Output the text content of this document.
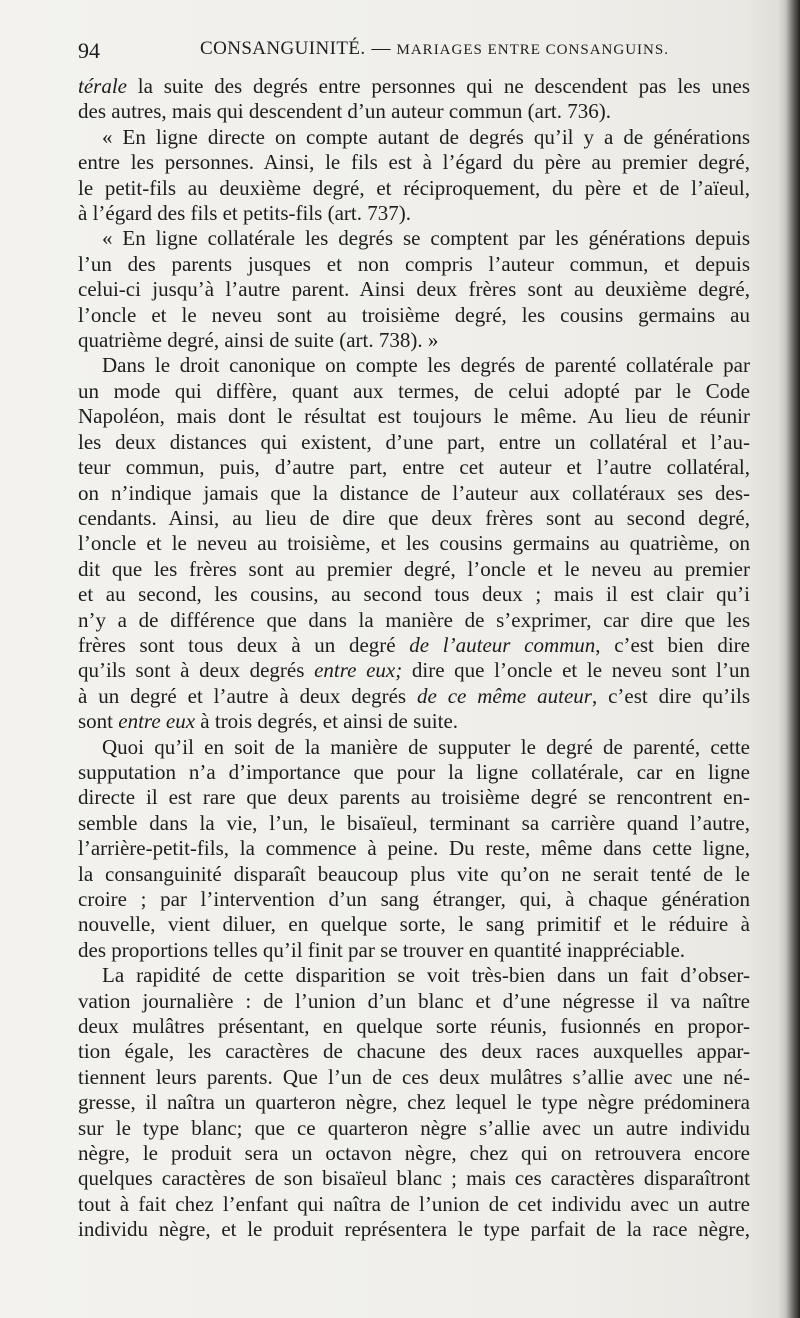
94	CONSANGUINITÉ. — MARIAGES ENTRE CONSANGUINS.
térale la suite des degrés entre personnes qui ne descendent pas les unes
des autres, mais qui descendent d’un auteur commun (art. 736).
« En ligne directe on compte autant de degrés qu’il y a de générations
entre les personnes. Ainsi, le fils est à l’égard du père au premier degré,
le petit-fils au deuxième degré, et réciproquement, du père et de l’aïeul,
à l’égard des fils et petits-fils (art. 737).
« En ligne collatérale les degrés se comptent par les générations depuis
l’un des parents jusques et non compris l’auteur commun, et depuis
celui-ci jusqu’à l’autre parent. Ainsi deux frères sont au deuxième degré,
l’oncle et le neveu sont au troisième degré, les cousins germains au
quatrième degré, ainsi de suite (art. 738). »
Dans le droit canonique on compte les degrés de parenté collatérale par
un mode qui diffère, quant aux termes, de celui adopté par le Code
Napoléon, mais dont le résultat est toujours le même. Au lieu de réunir
les deux distances qui existent, d’une part, entre un collatéral et l’au-
teur commun, puis, d’autre part, entre cet auteur et l’autre collatéral,
on n’indique jamais que la distance de l’auteur aux collatéraux ses des-
cendants. Ainsi, au lieu de dire que deux frères sont au second degré,
l’oncle et le neveu au troisième, et les cousins germains au quatrième, on
dit que les frères sont au premier degré, l’oncle et le neveu au premier
et au second, les cousins, au second tous deux ; mais il est clair qu’i
n’y a de différence que dans la manière de s’exprimer, car dire que les
frères sont tous deux à un degré de l’auteur commun, c’est bien dire
qu’ils sont à deux degrés entre eux; dire que l’oncle et le neveu sont l’un
à un degré et l’autre à deux degrés de ce même auteur, c’est dire qu’ils
sont entre eux à trois degrés, et ainsi de suite.
Quoi qu’il en soit de la manière de supputer le degré de parenté, cette
supputation n’a d’importance que pour la ligne collatérale, car en ligne
directe il est rare que deux parents au troisième degré se rencontrent en-
semble dans la vie, l’un, le bisaïeul, terminant sa carrière quand l’autre,
l’arrière-petit-fils, la commence à peine. Du reste, même dans cette ligne,
la consanguinité disparaît beaucoup plus vite qu’on ne serait tenté de le
croire ; par l’intervention d’un sang étranger, qui, à chaque génération
nouvelle, vient diluer, en quelque sorte, le sang primitif et le réduire à
des proportions telles qu’il finit par se trouver en quantité inappréciable.
La rapidité de cette disparition se voit très-bien dans un fait d’obser-
vation journalière : de l’union d’un blanc et d’une négresse il va naître
deux mulâtres présentant, en quelque sorte réunis, fusionnés en propor-
tion égale, les caractères de chacune des deux races auxquelles appar-
tiennent leurs parents. Que l’un de ces deux mulâtres s’allie avec une né-
gresse, il naîtra un quarteron nègre, chez lequel le type nègre prédominera
sur le type blanc; que ce quarteron nègre s’allie avec un autre individu
nègre, le produit sera un octavon nègre, chez qui on retrouvera encore
quelques caractères de son bisaïeul blanc ; mais ces caractères disparaîtront
tout à fait chez l’enfant qui naîtra de l’union de cet individu avec un autre
individu nègre, et le produit représentera le type parfait de la race nègre,
